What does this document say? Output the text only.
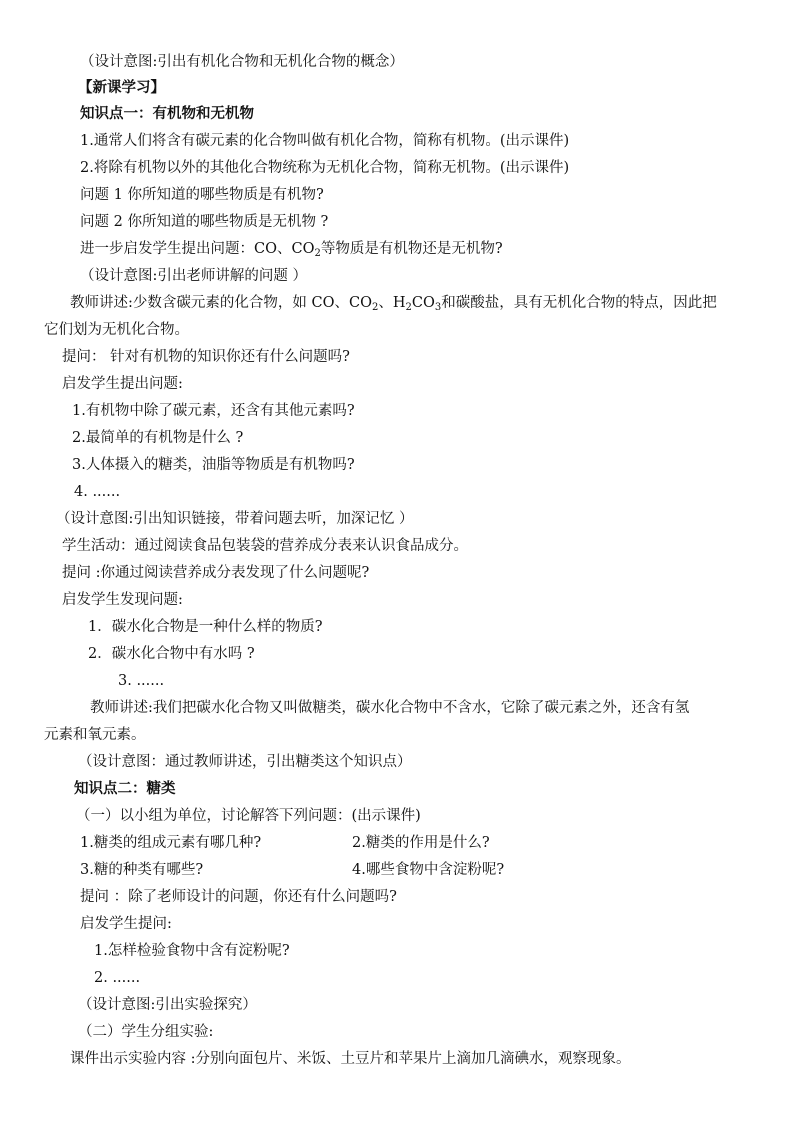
（设计意图:引出有机化合物和无机化合物的概念）
【新课学习】
知识点一：有机物和无机物
1.通常人们将含有碳元素的化合物叫做有机化合物，简称有机物。(出示课件)
2.将除有机物以外的其他化合物统称为无机化合物，简称无机物。(出示课件)
问题 1 你所知道的哪些物质是有机物?
问题 2 你所知道的哪些物质是无机物 ?
进一步启发学生提出问题：CO、$CO_2$等物质是有机物还是无机物?
（设计意图:引出老师讲解的问题 ）
教师讲述:少数含碳元素的化合物，如 CO、$CO_2$、$H_2CO_3$和碳酸盐，具有无机化合物的特点，因此把
它们划为无机化合物。
提问： 针对有机物的知识你还有什么问题吗?
启发学生提出问题:
1.有机物中除了碳元素，还含有其他元素吗?
2.最简单的有机物是什么 ?
3.人体摄入的糖类，油脂等物质是有机物吗?
4. ......
（设计意图:引出知识链接，带着问题去听，加深记忆 ）
学生活动：通过阅读食品包装袋的营养成分表来认识食品成分。
提问 :你通过阅读营养成分表发现了什么问题呢?
启发学生发现问题:
1．碳水化合物是一种什么样的物质?
2．碳水化合物中有水吗 ?
3. ......
教师讲述:我们把碳水化合物又叫做糖类，碳水化合物中不含水，它除了碳元素之外，还含有氢
元素和氧元素。
（设计意图：通过教师讲述，引出糖类这个知识点）
知识点二：糖类
（一）以小组为单位，讨论解答下列问题：(出示课件)
1.糖类的组成元素有哪几种?	2.糖类的作用是什么?
3.糖的种类有哪些?	4.哪些食物中含淀粉呢?
提问 ：除了老师设计的问题，你还有什么问题吗?
启发学生提问:
1.怎样检验食物中含有淀粉呢?
2. ......
（设计意图:引出实验探究）
（二）学生分组实验:
课件出示实验内容 :分别向面包片、米饭、土豆片和苹果片上滴加几滴碘水，观察现象。
